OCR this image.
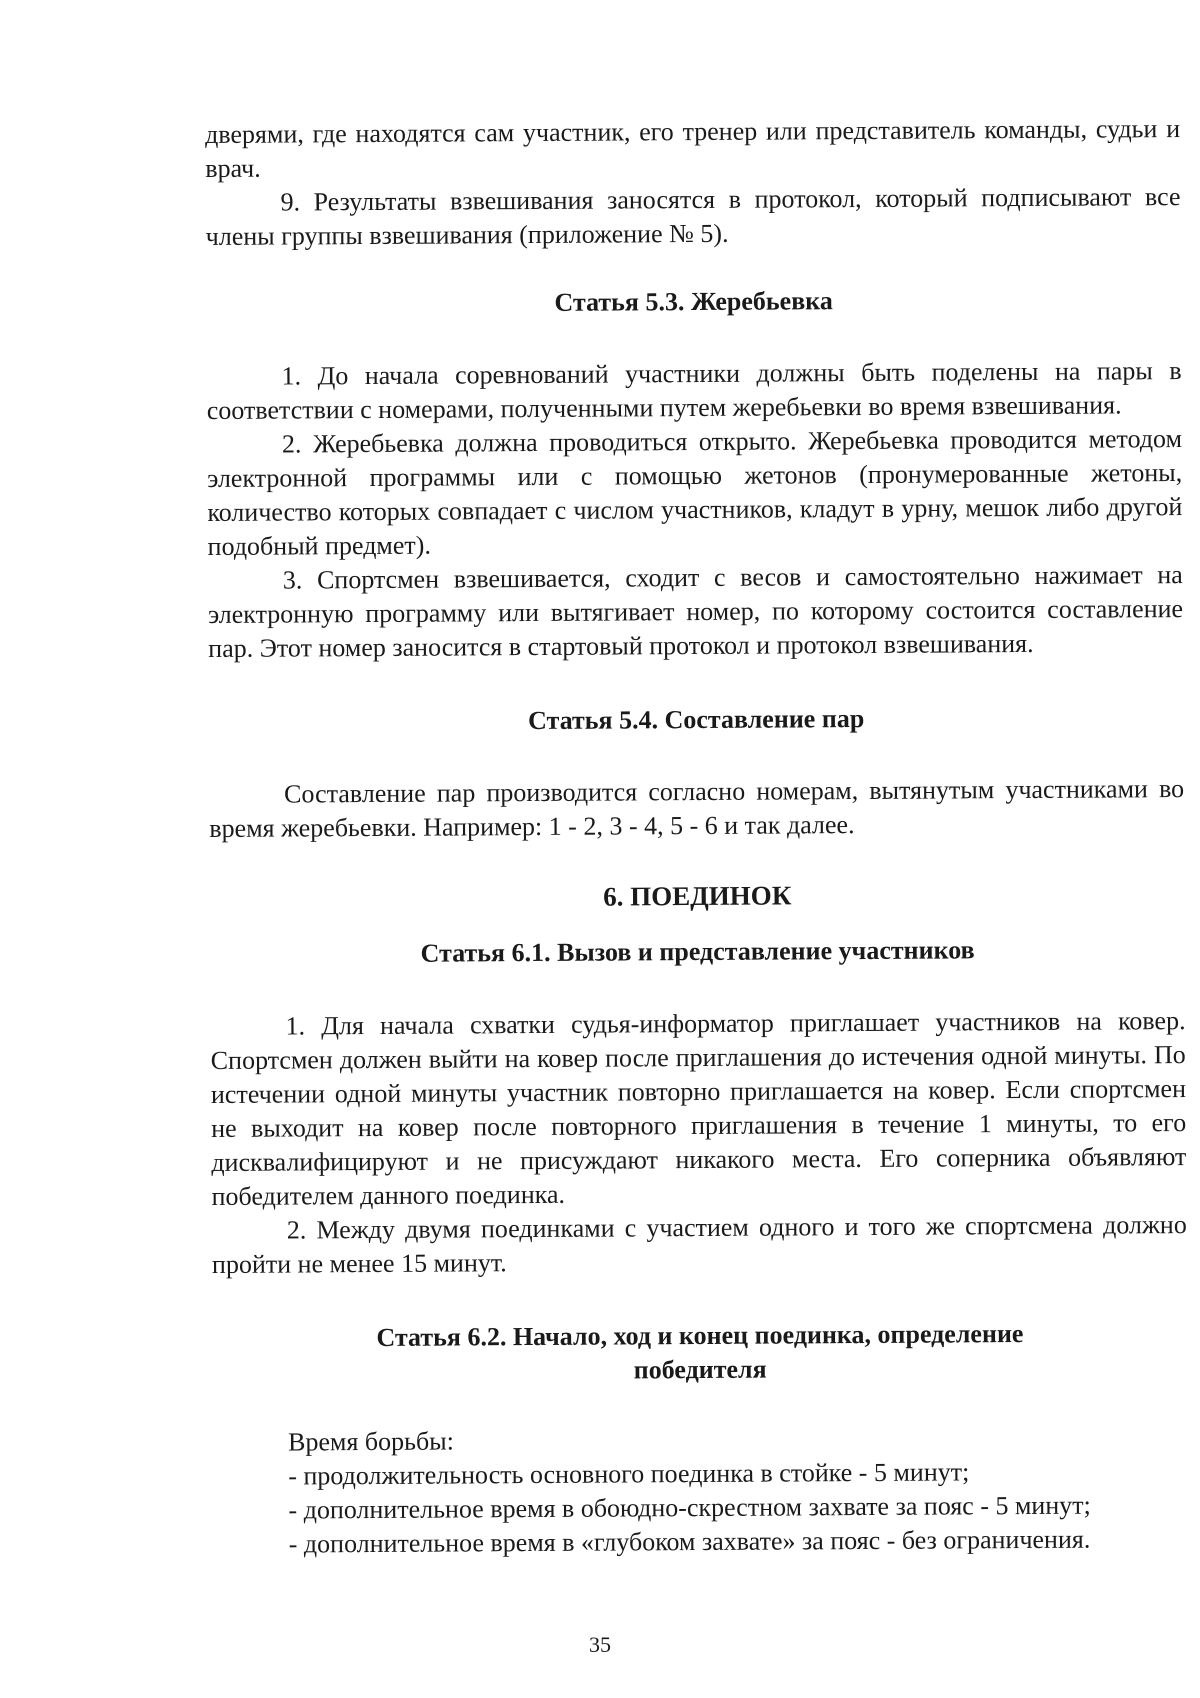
дверями, где находятся сам участник, его тренер или представитель команды, судьи и врач.

9. Результаты взвешивания заносятся в протокол, который подписывают все члены группы взвешивания (приложение № 5).

Статья 5.3. Жеребьевка

1. До начала соревнований участники должны быть поделены на пары в соответствии с номерами, полученными путем жеребьевки во время взвешивания.

2. Жеребьевка должна проводиться открыто. Жеребьевка проводится методом электронной программы или с помощью жетонов (пронумерованные жетоны, количество которых совпадает с числом участников, кладут в урну, мешок либо другой подобный предмет).

3. Спортсмен взвешивается, сходит с весов и самостоятельно нажимает на электронную программу или вытягивает номер, по которому состоится составление пар. Этот номер заносится в стартовый протокол и протокол взвешивания.

Статья 5.4. Составление пар

Составление пар производится согласно номерам, вытянутым участниками во время жеребьевки. Например: 1 - 2, 3 - 4, 5 - 6 и так далее.

6. ПОЕДИНОК
Статья 6.1. Вызов и представление участников

1. Для начала схватки судья-информатор приглашает участников на ковер. Спортсмен должен выйти на ковер после приглашения до истечения одной минуты. По истечении одной минуты участник повторно приглашается на ковер. Если спортсмен не выходит на ковер после повторного приглашения в течение 1 минуты, то его дисквалифицируют и не присуждают никакого места. Его соперника объявляют победителем данного поединка.

2. Между двумя поединками с участием одного и того же спортсмена должно пройти не менее 15 минут.

Статья 6.2. Начало, ход и конец поединка, определение
победителя

Время борьбы:

- продолжительность основного поединка в стойке - 5 минут;

- дополнительное время в обоюдно-скрестном захвате за пояс - 5 минут;

- дополнительное время в «глубоком захвате» за пояс - без ограничения.

35
